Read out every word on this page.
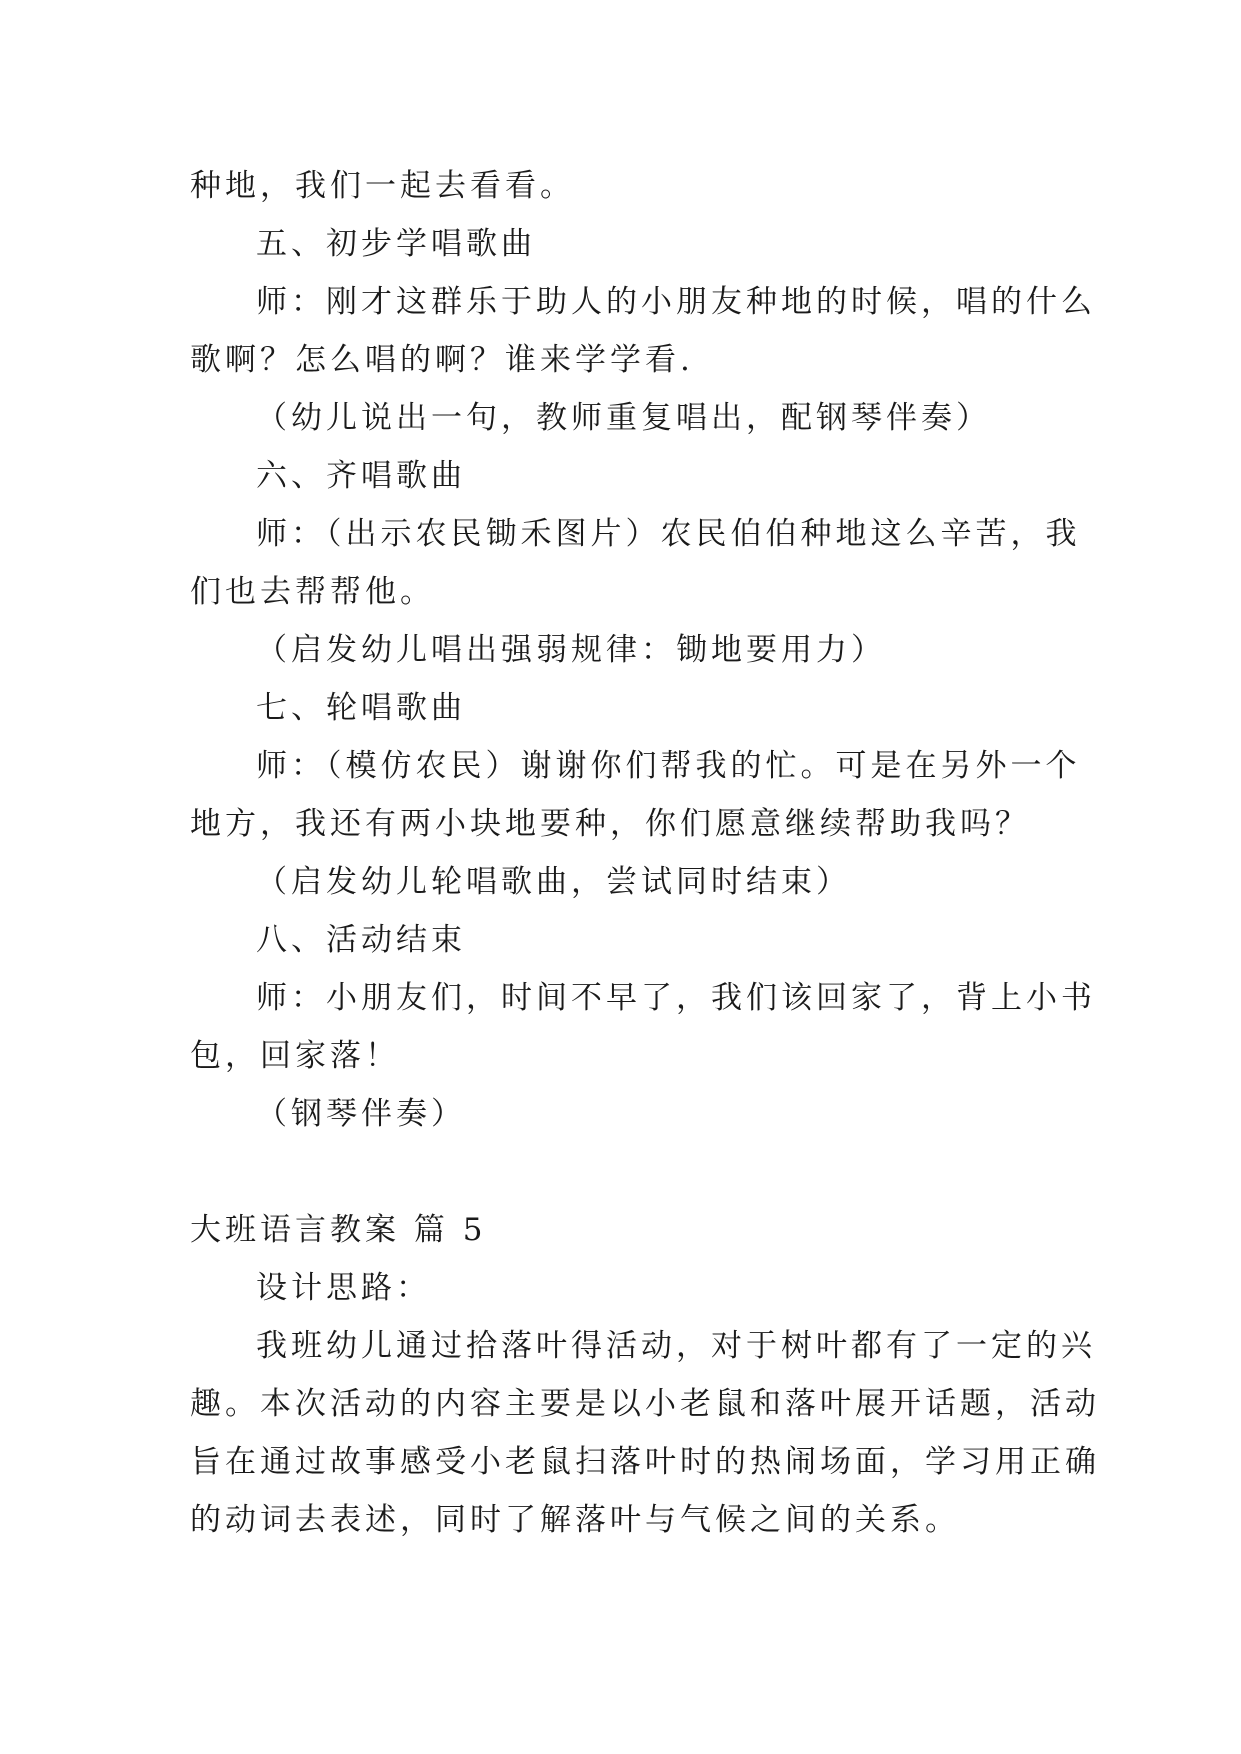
种地，我们一起去看看。
五、初步学唱歌曲
师：刚才这群乐于助人的小朋友种地的时候，唱的什么
歌啊？怎么唱的啊？谁来学学看.
（幼儿说出一句，教师重复唱出，配钢琴伴奏）
六、齐唱歌曲
师：（出示农民锄禾图片）农民伯伯种地这么辛苦，我
们也去帮帮他。
（启发幼儿唱出强弱规律：锄地要用力）
七、轮唱歌曲
师：（模仿农民）谢谢你们帮我的忙。可是在另外一个
地方，我还有两小块地要种，你们愿意继续帮助我吗？
（启发幼儿轮唱歌曲，尝试同时结束）
八、活动结束
师：小朋友们，时间不早了，我们该回家了，背上小书
包，回家落！
（钢琴伴奏）
大班语言教案 篇 5
设计思路：
我班幼儿通过拾落叶得活动，对于树叶都有了一定的兴
趣。本次活动的内容主要是以小老鼠和落叶展开话题，活动
旨在通过故事感受小老鼠扫落叶时的热闹场面，学习用正确
的动词去表述，同时了解落叶与气候之间的关系。
